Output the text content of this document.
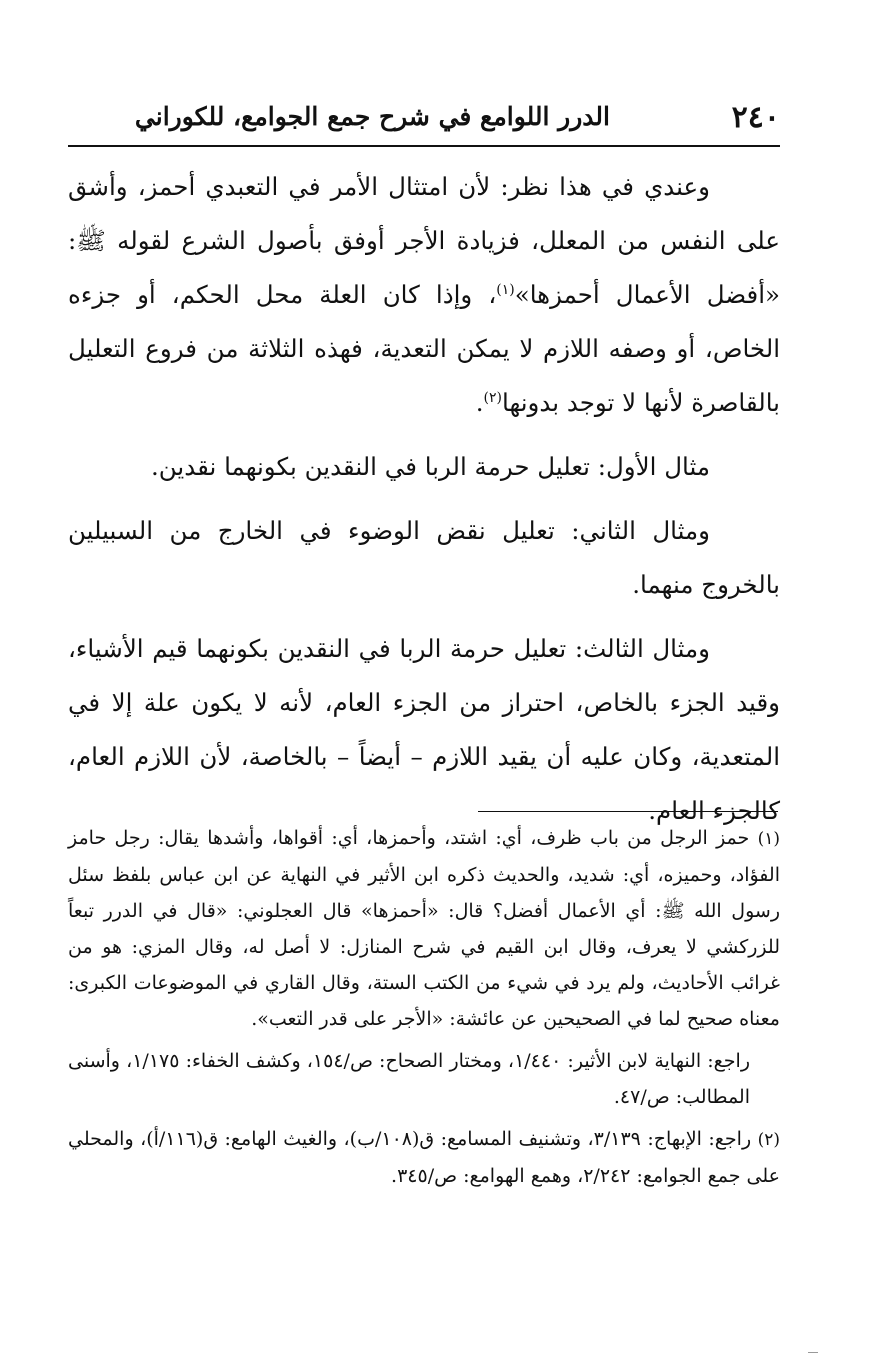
٢٤٠
الدرر اللوامع في شرح جمع الجوامع، للكوراني

وعندي في هذا نظر: لأن امتثال الأمر في التعبدي أحمز، وأشق على النفس من المعلل، فزيادة الأجر أوفق بأصول الشرع لقوله ﷺ: «أفضل الأعمال أحمزها»$^{(١)}$، وإذا كان العلة محل الحكم، أو جزءه الخاص، أو وصفه اللازم لا يمكن التعدية، فهذه الثلاثة من فروع التعليل بالقاصرة لأنها لا توجد بدونها$^{(٢)}$.

مثال الأول: تعليل حرمة الربا في النقدين بكونهما نقدين.

ومثال الثاني: تعليل نقض الوضوء في الخارج من السبيلين بالخروج منهما.

ومثال الثالث: تعليل حرمة الربا في النقدين بكونهما قيم الأشياء، وقيد الجزء بالخاص، احتراز من الجزء العام، لأنه لا يكون علة إلا في المتعدية، وكان عليه أن يقيد اللازم – أيضاً – بالخاصة، لأن اللازم العام، كالجزء العام.

(١) حمز الرجل من باب ظرف، أي: اشتد، وأحمزها، أي: أقواها، وأشدها يقال: رجل حامز الفؤاد، وحميزه، أي: شديد، والحديث ذكره ابن الأثير في النهاية عن ابن عباس بلفظ سئل رسول الله ﷺ: أي الأعمال أفضل؟ قال: «أحمزها» قال العجلوني: «قال في الدرر تبعاً للزركشي لا يعرف، وقال ابن القيم في شرح المنازل: لا أصل له، وقال المزي: هو من غرائب الأحاديث، ولم يرد في شيء من الكتب الستة، وقال القاري في الموضوعات الكبرى: معناه صحيح لما في الصحيحين عن عائشة: «الأجر على قدر التعب».

راجع: النهاية لابن الأثير: ١/٤٤٠، ومختار الصحاح: ص/١٥٤، وكشف الخفاء: ١/١٧٥، وأسنى المطالب: ص/٤٧.

(٢) راجع: الإبهاج: ٣/١٣٩، وتشنيف المسامع: ق(١٠٨/ب)، والغيث الهامع: ق(١١٦/أ)، والمحلي على جمع الجوامع: ٢/٢٤٢، وهمع الهوامع: ص/٣٤٥.
